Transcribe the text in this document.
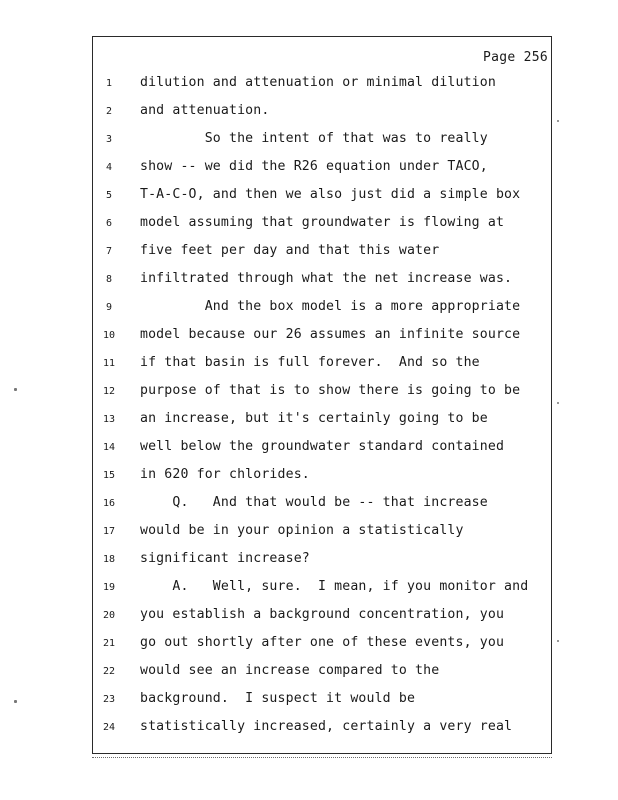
Page 256
1	dilution and attenuation or minimal dilution
2	and attenuation.
3	So the intent of that was to really
4	show -- we did the R26 equation under TACO,
5	T-A-C-O, and then we also just did a simple box
6	model assuming that groundwater is flowing at
7	five feet per day and that this water
8	infiltrated through what the net increase was.
9	And the box model is a more appropriate
10	model because our 26 assumes an infinite source
11	if that basin is full forever.  And so the
12	purpose of that is to show there is going to be
13	an increase, but it's certainly going to be
14	well below the groundwater standard contained
15	in 620 for chlorides.
16	Q.   And that would be -- that increase
17	would be in your opinion a statistically
18	significant increase?
19	A.   Well, sure.  I mean, if you monitor and
20	you establish a background concentration, you
21	go out shortly after one of these events, you
22	would see an increase compared to the
23	background.  I suspect it would be
24	statistically increased, certainly a very real
